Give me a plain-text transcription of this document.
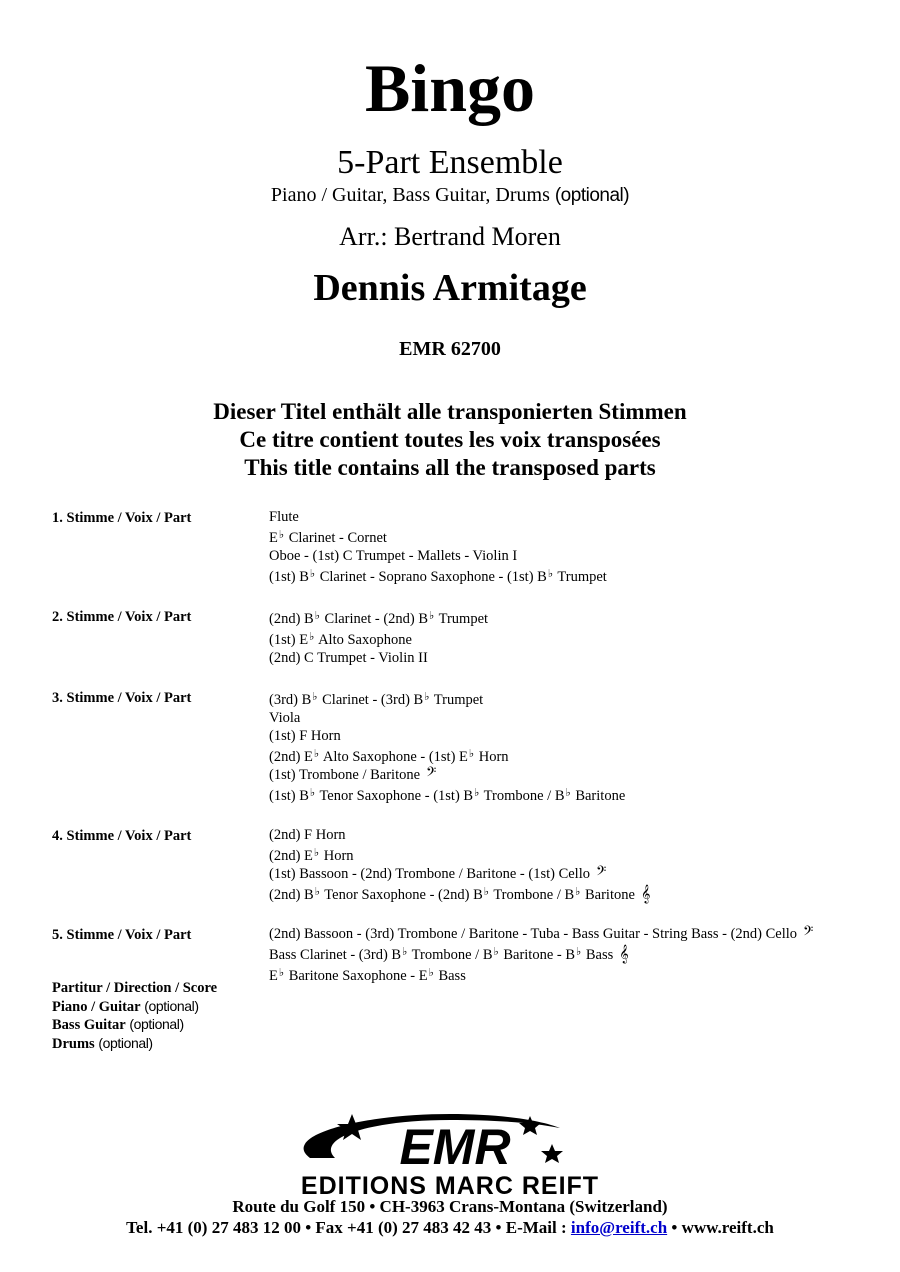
Bingo
5-Part Ensemble
Piano / Guitar, Bass Guitar, Drums (optional)
Arr.: Bertrand Moren
Dennis Armitage
EMR 62700
Dieser Titel enthält alle transponierten Stimmen
Ce titre contient toutes les voix transposées
This title contains all the transposed parts
1. Stimme / Voix / Part	Flute
E♭ Clarinet - Cornet
Oboe - (1st) C Trumpet - Mallets - Violin I
(1st) B♭ Clarinet - Soprano Saxophone - (1st) B♭ Trumpet
2. Stimme / Voix / Part	(2nd) B♭ Clarinet - (2nd) B♭ Trumpet
(1st) E♭ Alto Saxophone
(2nd) C Trumpet - Violin II
3. Stimme / Voix / Part	(3rd) B♭ Clarinet - (3rd) B♭ Trumpet
Viola
(1st) F Horn
(2nd) E♭ Alto Saxophone - (1st) E♭ Horn
(1st) Trombone / Baritone 𝄢
(1st) B♭ Tenor Saxophone - (1st) B♭ Trombone / B♭ Baritone
4. Stimme / Voix / Part	(2nd) F Horn
(2nd) E♭ Horn
(1st) Bassoon - (2nd) Trombone / Baritone - (1st) Cello 𝄢
(2nd) B♭ Tenor Saxophone - (2nd) B♭ Trombone / B♭ Baritone 𝄞
5. Stimme / Voix / Part	(2nd) Bassoon - (3rd) Trombone / Baritone - Tuba - Bass Guitar - String Bass - (2nd) Cello 𝄢
Bass Clarinet - (3rd) B♭ Trombone / B♭ Baritone - B♭ Bass 𝄞
E♭ Baritone Saxophone - E♭ Bass
Partitur / Direction / Score
Piano / Guitar (optional)
Bass Guitar (optional)
Drums (optional)
EMR
EDITIONS MARC REIFT
Route du Golf 150 • CH-3963 Crans-Montana (Switzerland)
Tel. +41 (0) 27 483 12 00 • Fax +41 (0) 27 483 42 43 • E-Mail : info@reift.ch • www.reift.ch
